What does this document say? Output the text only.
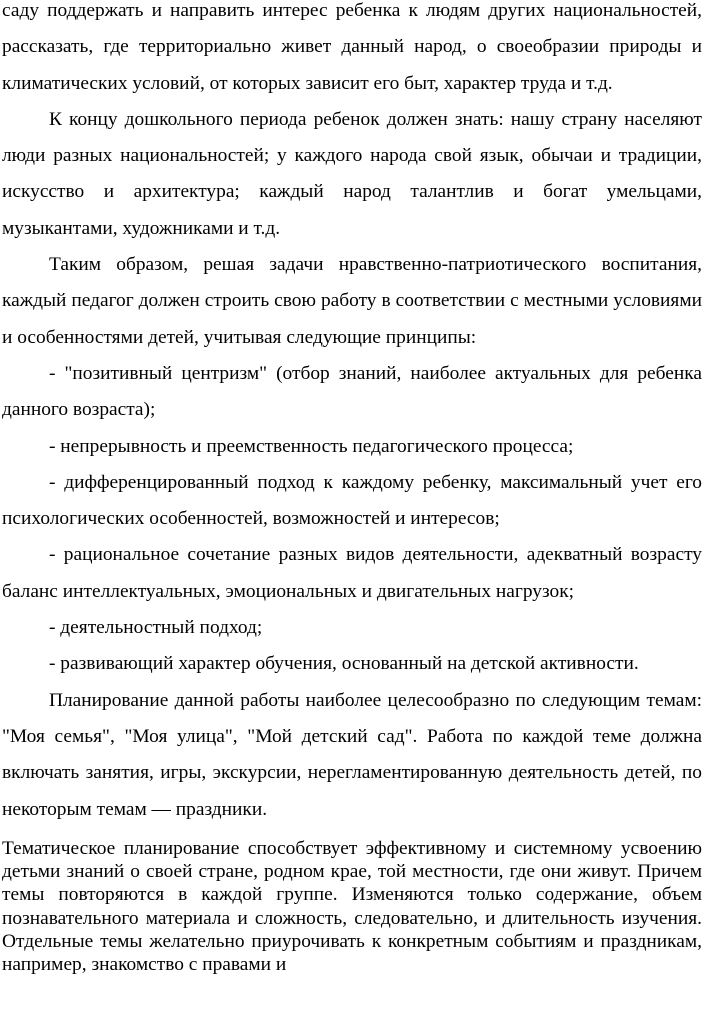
саду поддержать и направить интерес ребенка к людям других национальностей, рассказать, где территориально живет данный народ, о своеобразии природы и климатических условий, от которых зависит его быт, характер труда и т.д.

К концу дошкольного периода ребенок должен знать: нашу страну населяют люди разных национальностей; у каждого народа свой язык, обычаи и традиции, искусство и архитектура; каждый народ талантлив и богат умельцами, музыкантами, художниками и т.д.

Таким образом, решая задачи нравственно-патриотического воспитания, каждый педагог должен строить свою работу в соответствии с местными условиями и особенностями детей, учитывая следующие принципы:

- "позитивный центризм" (отбор знаний, наиболее актуальных для ребенка данного возраста);

- непрерывность и преемственность педагогического процесса;

- дифференцированный подход к каждому ребенку, максимальный учет его психологических особенностей, возможностей и интересов;

- рациональное сочетание разных видов деятельности, адекватный возрасту баланс интеллектуальных, эмоциональных и двигательных нагрузок;

- деятельностный подход;

- развивающий характер обучения, основанный на детской активности.

Планирование данной работы наиболее целесообразно по следующим темам: "Моя семья", "Моя улица", "Мой детский сад". Работа по каждой теме должна включать занятия, игры, экскурсии, нерегламентированную деятельность детей, по некоторым темам — праздники.

Тематическое планирование способствует эффективному и системному усвоению детьми знаний о своей стране, родном крае, той местности, где они живут. Причем темы повторяются в каждой группе. Изменяются только содержание, объем познавательного материала и сложность, следовательно, и длительность изучения. Отдельные темы желательно приурочивать к конкретным событиям и праздникам, например, знакомство с правами и
